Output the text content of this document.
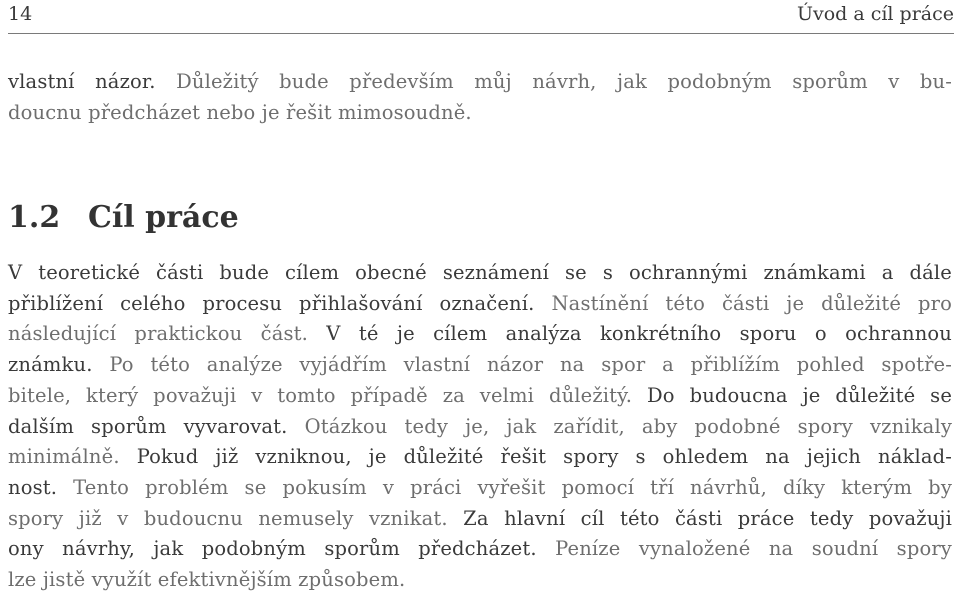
14	Úvod a cíl práce

vlastní názor. Důležitý bude především můj návrh, jak podobným sporům v bu-
doucnu předcházet nebo je řešit mimosoudně.

1.2 Cíl práce

V teoretické části bude cílem obecné seznámení se s ochrannými známkami a dále
přiblížení celého procesu přihlašování označení. Nastínění této části je důležité pro
následující praktickou část. V té je cílem analýza konkrétního sporu o ochrannou
známku. Po této analýze vyjádřím vlastní názor na spor a přiblížím pohled spotře-
bitele, který považuji v tomto případě za velmi důležitý. Do budoucna je důležité se
dalším sporům vyvarovat. Otázkou tedy je, jak zařídit, aby podobné spory vznikaly
minimálně. Pokud již vzniknou, je důležité řešit spory s ohledem na jejich náklad-
nost. Tento problém se pokusím v práci vyřešit pomocí tří návrhů, díky kterým by
spory již v budoucnu nemusely vznikat. Za hlavní cíl této části práce tedy považuji
ony návrhy, jak podobným sporům předcházet. Peníze vynaložené na soudní spory
lze jistě využít efektivnějším způsobem.
